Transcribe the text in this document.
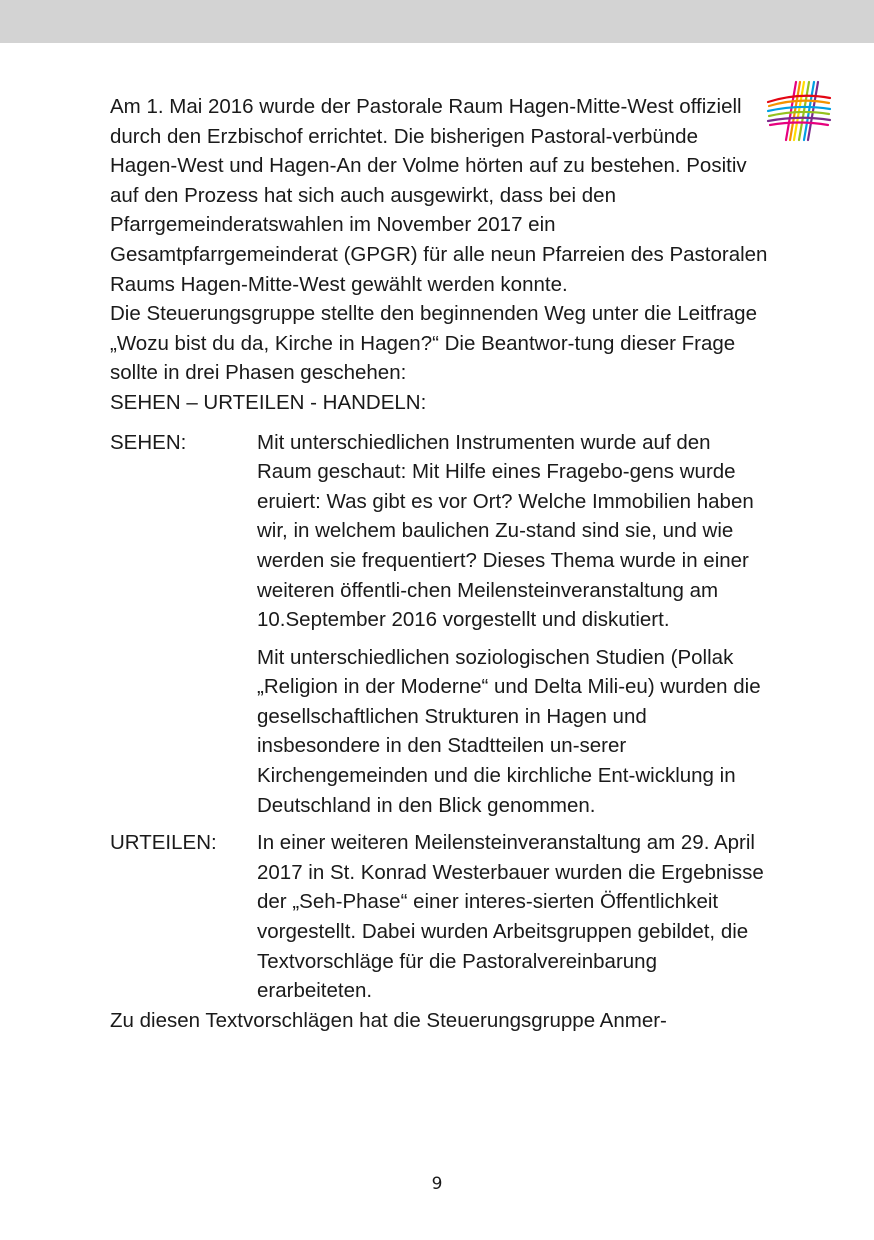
Am 1. Mai 2016 wurde der Pastorale Raum Hagen-Mitte-West offiziell durch den Erzbischof errichtet. Die bisherigen Pastoral-verbünde Hagen-West und Hagen-An der Volme hörten auf zu bestehen. Positiv auf den Prozess hat sich auch ausgewirkt, dass bei den Pfarrgemeinderatswahlen im November 2017 ein Gesamtpfarrgemeinderat (GPGR) für alle neun Pfarreien des Pastoralen Raums Hagen-Mitte-West gewählt werden konnte.

Die Steuerungsgruppe stellte den beginnenden Weg unter die Leitfrage „Wozu bist du da, Kirche in Hagen?“ Die Beantwor-tung dieser Frage sollte in drei Phasen geschehen:

SEHEN – URTEILEN - HANDELN:

SEHEN:	Mit unterschiedlichen Instrumenten wurde auf den Raum geschaut: Mit Hilfe eines Fragebo-gens wurde eruiert: Was gibt es vor Ort? Welche Immobilien haben wir, in welchem baulichen Zu-stand sind sie, und wie werden sie frequentiert? Dieses Thema wurde in einer weiteren öffentli-chen Meilensteinveranstaltung am 10.September 2016 vorgestellt und diskutiert.

Mit unterschiedlichen soziologischen Studien (Pollak „Religion in der Moderne“ und Delta Mili-eu) wurden die gesellschaftlichen Strukturen in Hagen und insbesondere in den Stadtteilen un-serer Kirchengemeinden und die kirchliche Ent-wicklung in Deutschland in den Blick genommen.

URTEILEN:	In einer weiteren Meilensteinveranstaltung am 29. April 2017 in St. Konrad Westerbauer wurden die Ergebnisse der „Seh-Phase“ einer interes-sierten Öffentlichkeit vorgestellt. Dabei wurden Arbeitsgruppen gebildet, die Textvorschläge für die Pastoralvereinbarung erarbeiteten.

Zu diesen Textvorschlägen hat die Steuerungsgruppe Anmer-

9
